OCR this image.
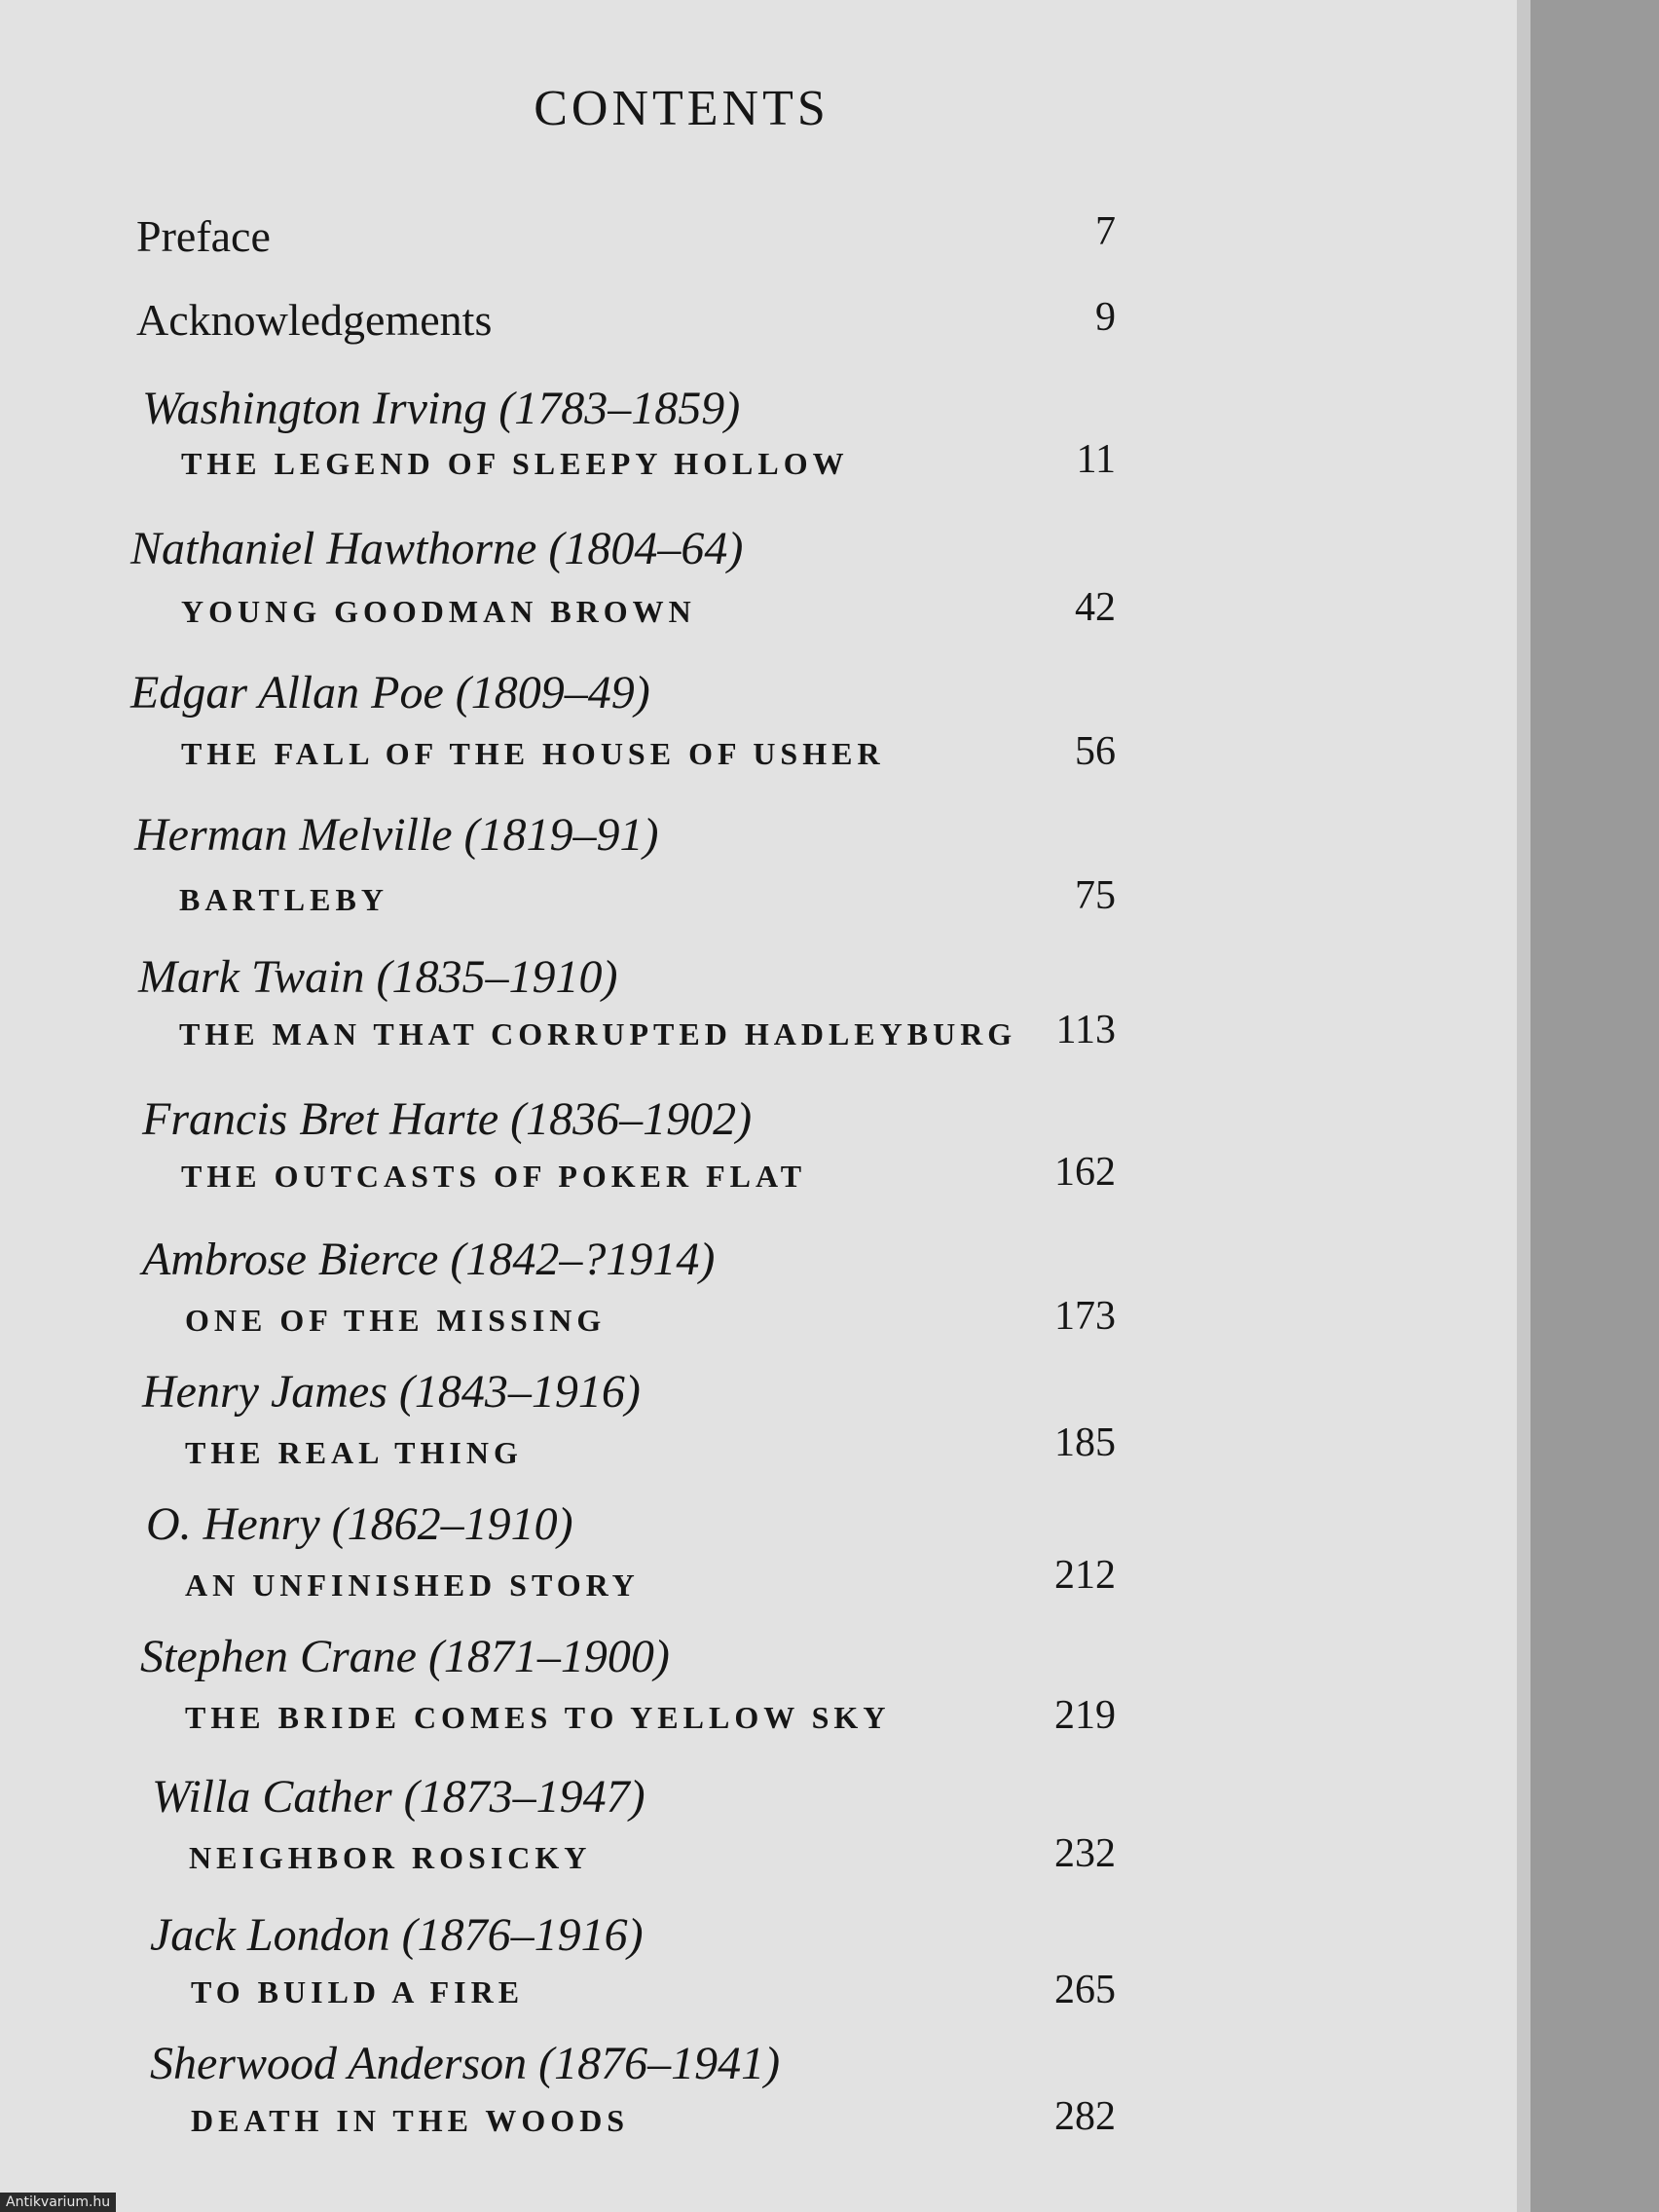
CONTENTS

Preface	7

Acknowledgements	9

Washington Irving (1783–1859)

THE LEGEND OF SLEEPY HOLLOW	11

Nathaniel Hawthorne (1804–64)

YOUNG GOODMAN BROWN	42

Edgar Allan Poe (1809–49)

THE FALL OF THE HOUSE OF USHER	56

Herman Melville (1819–91)

BARTLEBY	75

Mark Twain (1835–1910)

THE MAN THAT CORRUPTED HADLEYBURG 113

Francis Bret Harte (1836–1902)

THE OUTCASTS OF POKER FLAT	162

Ambrose Bierce (1842–?1914)

ONE OF THE MISSING	173

Henry James (1843–1916)

THE REAL THING	185

O. Henry (1862–1910)

AN UNFINISHED STORY	212

Stephen Crane (1871–1900)

THE BRIDE COMES TO YELLOW SKY	219

Willa Cather (1873–1947)

NEIGHBOR ROSICKY	232

Jack London (1876–1916)

TO BUILD A FIRE	265

Sherwood Anderson (1876–1941)

DEATH IN THE WOODS	282

Antikvarium.hu
